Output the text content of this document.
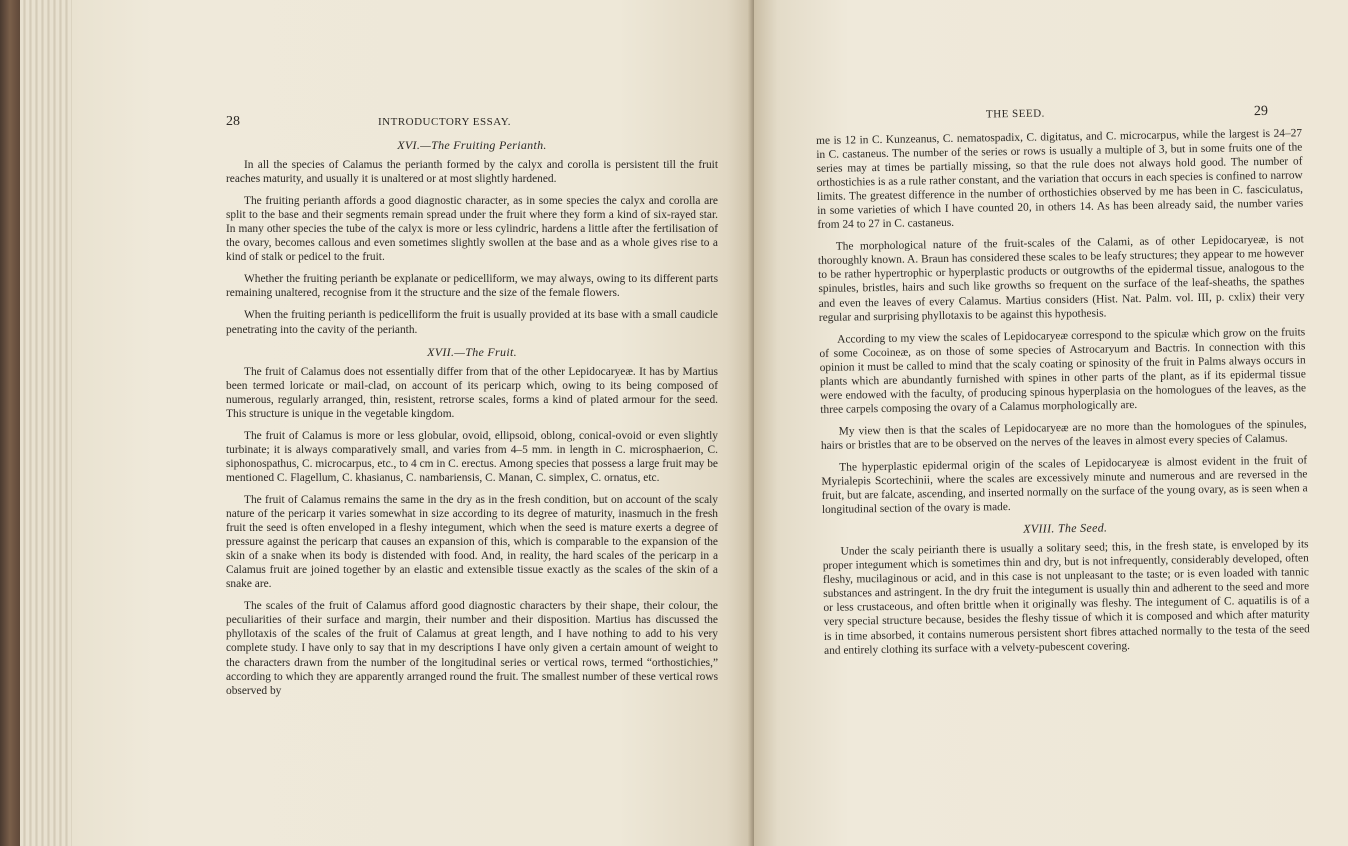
28	INTRODUCTORY ESSAY.
XVI.—The Fruiting Perianth.

In all the species of Calamus the perianth formed by the calyx and corolla is persistent till the fruit reaches maturity, and usually it is unaltered or at most slightly hardened.

The fruiting perianth affords a good diagnostic character, as in some species the calyx and corolla are split to the base and their segments remain spread under the fruit where they form a kind of six-rayed star. In many other species the tube of the calyx is more or less cylindric, hardens a little after the fertilisation of the ovary, becomes callous and even sometimes slightly swollen at the base and as a whole gives rise to a kind of stalk or pedicel to the fruit.

Whether the fruiting perianth be explanate or pedicelliform, we may always, owing to its different parts remaining unaltered, recognise from it the structure and the size of the female flowers.

When the fruiting perianth is pedicelliform the fruit is usually provided at its base with a small caudicle penetrating into the cavity of the perianth.

XVII.—The Fruit.

The fruit of Calamus does not essentially differ from that of the other Lepidocaryeæ. It has by Martius been termed loricate or mail-clad, on account of its pericarp which, owing to its being composed of numerous, regularly arranged, thin, resistent, retrorse scales, forms a kind of plated armour for the seed. This structure is unique in the vegetable kingdom.

The fruit of Calamus is more or less globular, ovoid, ellipsoid, oblong, conical-ovoid or even slightly turbinate; it is always comparatively small, and varies from 4–5 mm. in length in C. microsphaerion, C. siphonospathus, C. microcarpus, etc., to 4 cm in C. erectus. Among species that possess a large fruit may be mentioned C. Flagellum, C. khasianus, C. nambariensis, C. Manan, C. simplex, C. ornatus, etc.

The fruit of Calamus remains the same in the dry as in the fresh condition, but on account of the scaly nature of the pericarp it varies somewhat in size according to its degree of maturity, inasmuch in the fresh fruit the seed is often enveloped in a fleshy integument, which when the seed is mature exerts a degree of pressure against the pericarp that causes an expansion of this, which is comparable to the expansion of the skin of a snake when its body is distended with food. And, in reality, the hard scales of the pericarp in a Calamus fruit are joined together by an elastic and extensible tissue exactly as the scales of the skin of a snake are.

The scales of the fruit of Calamus afford good diagnostic characters by their shape, their colour, the peculiarities of their surface and margin, their number and their disposition. Martius has discussed the phyllotaxis of the scales of the fruit of Calamus at great length, and I have nothing to add to his very complete study. I have only to say that in my descriptions I have only given a certain amount of weight to the characters drawn from the number of the longitudinal series or vertical rows, termed “orthostichies,” according to which they are apparently arranged round the fruit. The smallest number of these vertical rows observed by

THE SEED.	29

me is 12 in C. Kunzeanus, C. nematospadix, C. digitatus, and C. microcarpus, while the largest is 24–27 in C. castaneus. The number of the series or rows is usually a multiple of 3, but in some fruits one of the series may at times be partially missing, so that the rule does not always hold good. The number of orthostichies is as a rule rather constant, and the variation that occurs in each species is confined to narrow limits. The greatest difference in the number of orthostichies observed by me has been in C. fasciculatus, in some varieties of which I have counted 20, in others 14. As has been already said, the number varies from 24 to 27 in C. castaneus.

The morphological nature of the fruit-scales of the Calami, as of other Lepidocaryeæ, is not thoroughly known. A. Braun has considered these scales to be leafy structures; they appear to me however to be rather hypertrophic or hyperplastic products or outgrowths of the epidermal tissue, analogous to the spinules, bristles, hairs and such like growths so frequent on the surface of the leaf-sheaths, the spathes and even the leaves of every Calamus. Martius considers (Hist. Nat. Palm. vol. III, p. cxlix) their very regular and surprising phyllotaxis to be against this hypothesis.

According to my view the scales of Lepidocaryeæ correspond to the spiculæ which grow on the fruits of some Cocoineæ, as on those of some species of Astrocaryum and Bactris. In connection with this opinion it must be called to mind that the scaly coating or spinosity of the fruit in Palms always occurs in plants which are abundantly furnished with spines in other parts of the plant, as if its epidermal tissue were endowed with the faculty, of producing spinous hyperplasia on the homologues of the leaves, as the three carpels composing the ovary of a Calamus morphologically are.

My view then is that the scales of Lepidocaryeæ are no more than the homologues of the spinules, hairs or bristles that are to be observed on the nerves of the leaves in almost every species of Calamus.

The hyperplastic epidermal origin of the scales of Lepidocaryeæ is almost evident in the fruit of Myrialepis Scortechinii, where the scales are excessively minute and numerous and are reversed in the fruit, but are falcate, ascending, and inserted normally on the surface of the young ovary, as is seen when a longitudinal section of the ovary is made.

XVIII. The Seed.

Under the scaly peirianth there is usually a solitary seed; this, in the fresh state, is enveloped by its proper integument which is sometimes thin and dry, but is not infrequently, considerably developed, often fleshy, mucilaginous or acid, and in this case is not unpleasant to the taste; or is even loaded with tannic substances and astringent. In the dry fruit the integument is usually thin and adherent to the seed and more or less crustaceous, and often brittle when it originally was fleshy. The integument of C. aquatilis is of a very special structure because, besides the fleshy tissue of which it is composed and which after maturity is in time absorbed, it contains numerous persistent short fibres attached normally to the testa of the seed and entirely clothing its surface with a velvety-pubescent covering.
